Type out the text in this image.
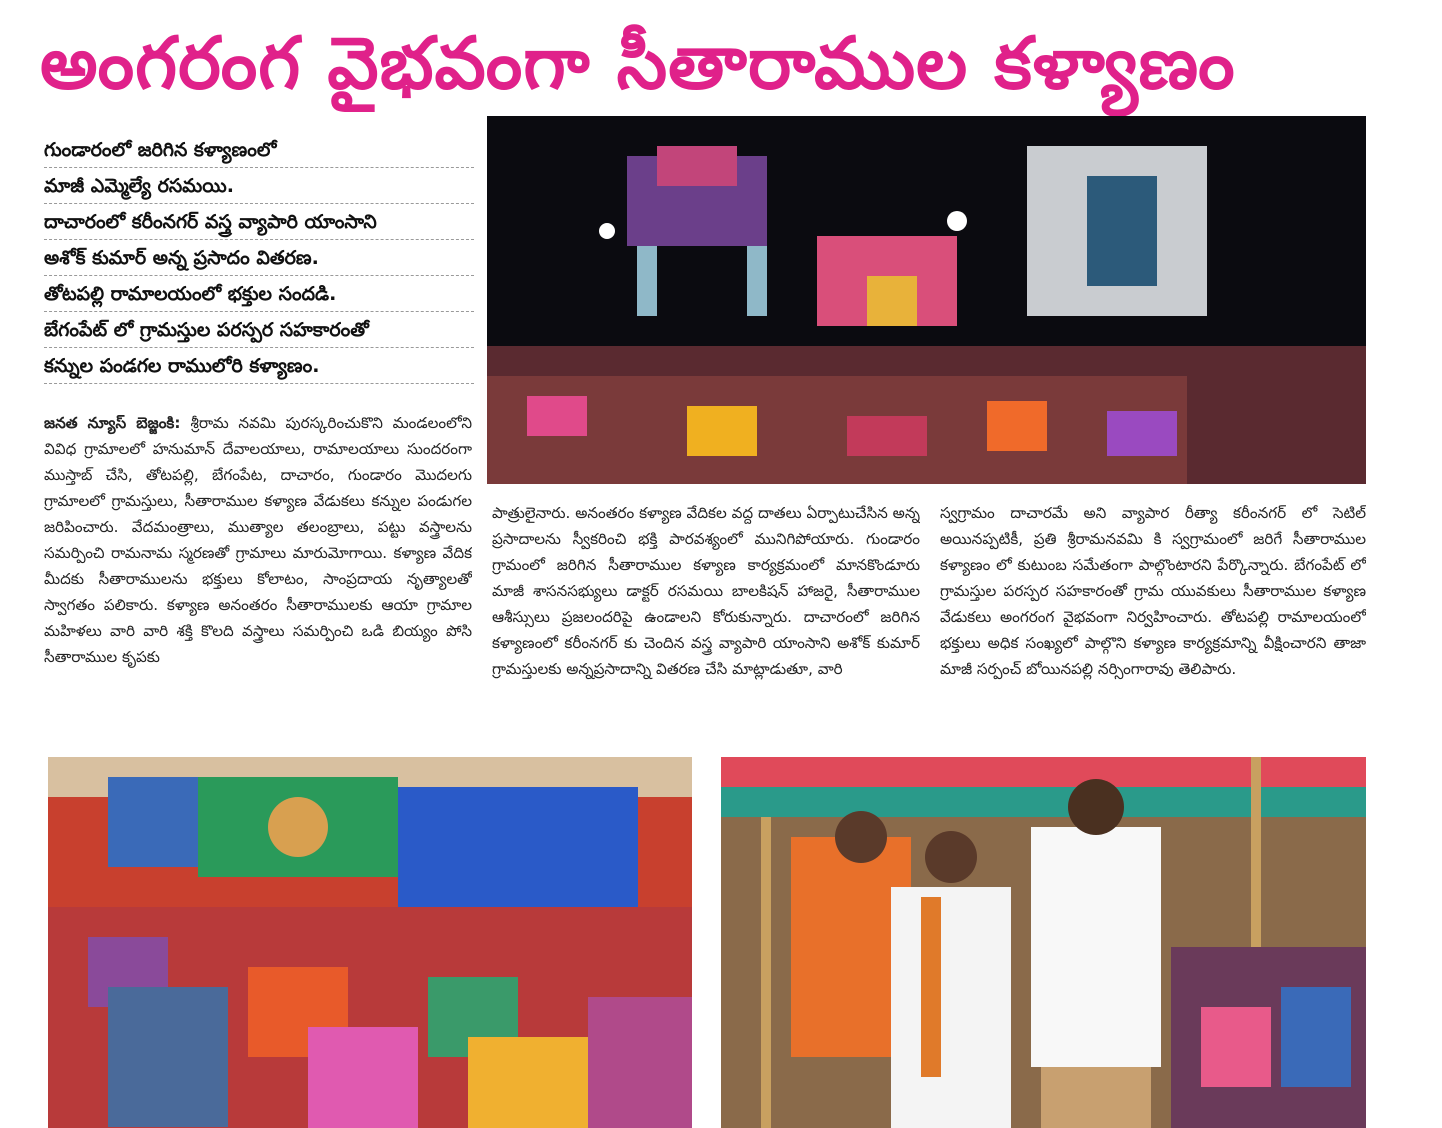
అంగరంగ వైభవంగా సీతారాముల కళ్యాణం
గుండారంలో జరిగిన కళ్యాణంలో
మాజీ ఎమ్మెల్యే రసమయి.
దాచారంలో కరీంనగర్ వస్త్ర వ్యాపారి యాంసాని
అశోక్ కుమార్ అన్న ప్రసాదం వితరణ.
తోటపల్లి రామాలయంలో భక్తుల సందడి.
బేగంపేట్ లో గ్రామస్తుల పరస్పర సహకారంతో
కన్నుల పండగల రాములోరి కళ్యాణం.
జనత న్యూస్ బెజ్జంకి: శ్రీరామ నవమి పురస్కరించుకొని మండలంలోని వివిధ గ్రామాలలో హనుమాన్ దేవాలయాలు, రామాలయాలు సుందరంగా ముస్తాబ్ చేసి, తోటపల్లి, బేగంపేట, దాచారం, గుండారం మొదలగు గ్రామాలలో గ్రామస్తులు, సీతారాముల కళ్యాణ వేడుకలు కన్నుల పండుగల జరిపించారు. వేదమంత్రాలు, ముత్యాల తలంబ్రాలు, పట్టు వస్త్రాలను సమర్పించి రామనామ స్మరణతో గ్రామాలు మారుమోగాయి. కళ్యాణ వేదిక మీదకు సీతారాములను భక్తులు కోలాటం, సాంప్రదాయ నృత్యాలతో స్వాగతం పలికారు. కళ్యాణ అనంతరం సీతారాములకు ఆయా గ్రామాల మహిళలు వారి వారి శక్తి కొలది వస్త్రాలు సమర్పించి ఒడి బియ్యం పోసి సీతారాముల కృపకు
పాత్రులైనారు. అనంతరం కళ్యాణ వేదికల వద్ద దాతలు ఏర్పాటుచేసిన అన్న ప్రసాదాలను స్వీకరించి భక్తి పారవశ్యంలో మునిగిపోయారు. గుండారం గ్రామంలో జరిగిన సీతారాముల కళ్యాణ కార్యక్రమంలో మానకొండూరు మాజీ శాసనసభ్యులు డాక్టర్ రసమయి బాలకిషన్ హాజరై, సీతారాముల ఆశీస్సులు ప్రజలందరిపై ఉండాలని కోరుకున్నారు. దాచారంలో జరిగిన కళ్యాణంలో కరీంనగర్ కు చెందిన వస్త్ర వ్యాపారి యాంసాని అశోక్ కుమార్ గ్రామస్తులకు అన్నప్రసాదాన్ని వితరణ చేసి మాట్లాడుతూ, వారి
స్వగ్రామం దాచారమే అని వ్యాపార రీత్యా కరీంనగర్ లో సెటిల్ అయినప్పటికీ, ప్రతి శ్రీరామనవమి కి స్వగ్రామంలో జరిగే సీతారాముల కళ్యాణం లో కుటుంబ సమేతంగా పాల్గొంటారని పేర్కొన్నారు. బేగంపేట్ లో గ్రామస్తుల పరస్పర సహకారంతో గ్రామ యువకులు సీతారాముల కళ్యాణ వేడుకలు అంగరంగ వైభవంగా నిర్వహించారు. తోటపల్లి రామాలయంలో భక్తులు అధిక సంఖ్యలో పాల్గొని కళ్యాణ కార్యక్రమాన్ని వీక్షించారని తాజా మాజీ సర్పంచ్ బోయినపల్లి నర్సింగారావు తెలిపారు.
